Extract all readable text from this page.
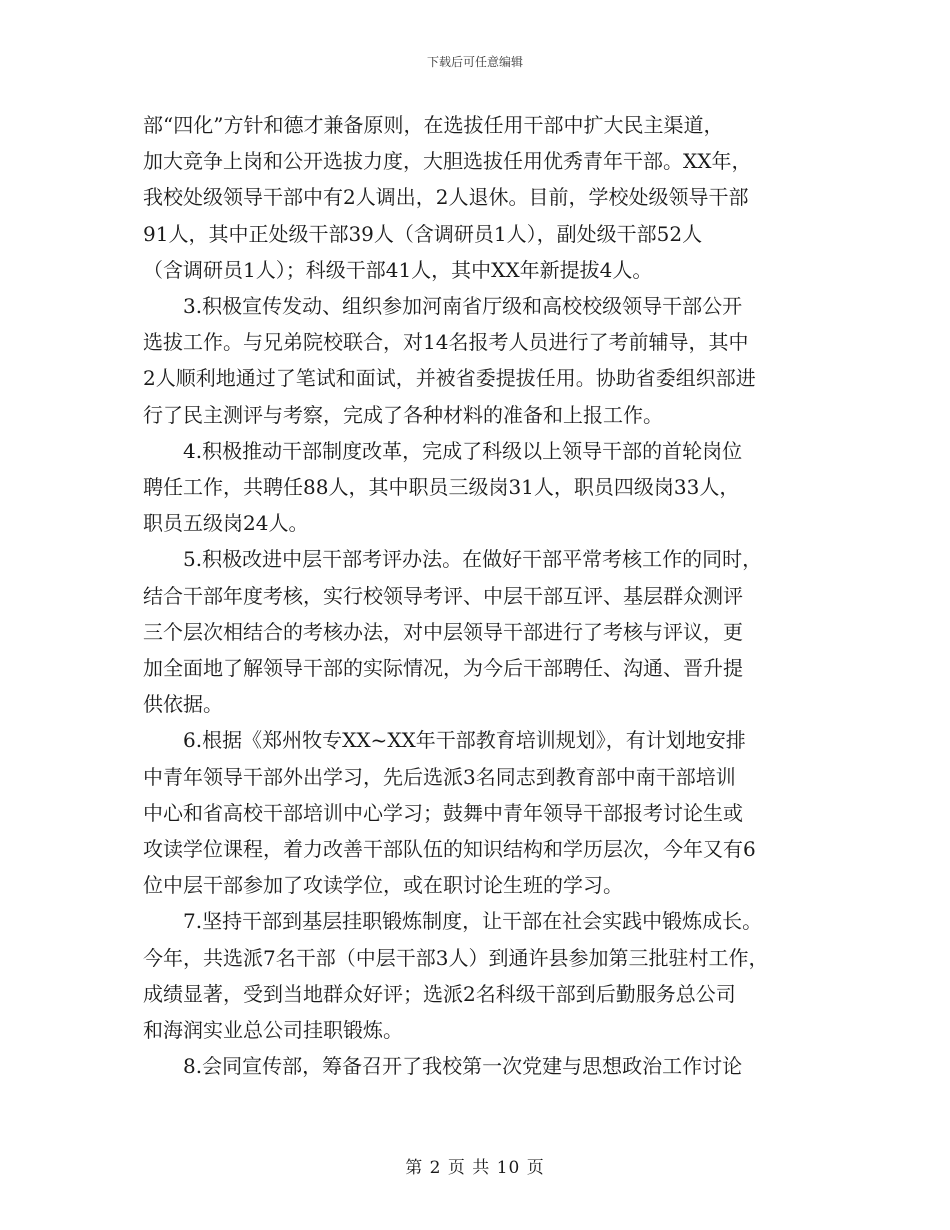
下载后可任意编辑

部“四化”方针和德才兼备原则，在选拔任用干部中扩大民主渠道，
加大竞争上岗和公开选拔力度，大胆选拔任用优秀青年干部。XX年，
我校处级领导干部中有2人调出，2人退休。目前，学校处级领导干部
91人，其中正处级干部39人（含调研员1人），副处级干部52人
（含调研员1人）；科级干部41人，其中XX年新提拔4人。

　　3.积极宣传发动、组织参加河南省厅级和高校校级领导干部公开
选拔工作。与兄弟院校联合，对14名报考人员进行了考前辅导，其中
2人顺利地通过了笔试和面试，并被省委提拔任用。协助省委组织部进
行了民主测评与考察，完成了各种材料的准备和上报工作。

　　4.积极推动干部制度改革，完成了科级以上领导干部的首轮岗位
聘任工作，共聘任88人，其中职员三级岗31人，职员四级岗33人，
职员五级岗24人。

　　5.积极改进中层干部考评办法。在做好干部平常考核工作的同时，
结合干部年度考核，实行校领导考评、中层干部互评、基层群众测评
三个层次相结合的考核办法，对中层领导干部进行了考核与评议，更
加全面地了解领导干部的实际情况，为今后干部聘任、沟通、晋升提
供依据。

　　6.根据《郑州牧专XX~XX年干部教育培训规划》，有计划地安排
中青年领导干部外出学习，先后选派3名同志到教育部中南干部培训
中心和省高校干部培训中心学习；鼓舞中青年领导干部报考讨论生或
攻读学位课程，着力改善干部队伍的知识结构和学历层次，今年又有6
位中层干部参加了攻读学位，或在职讨论生班的学习。

　　7.坚持干部到基层挂职锻炼制度，让干部在社会实践中锻炼成长。
今年，共选派7名干部（中层干部3人）到通许县参加第三批驻村工作，
成绩显著，受到当地群众好评；选派2名科级干部到后勤服务总公司
和海润实业总公司挂职锻炼。

　　8.会同宣传部，筹备召开了我校第一次党建与思想政治工作讨论

第 2 页 共 10 页
